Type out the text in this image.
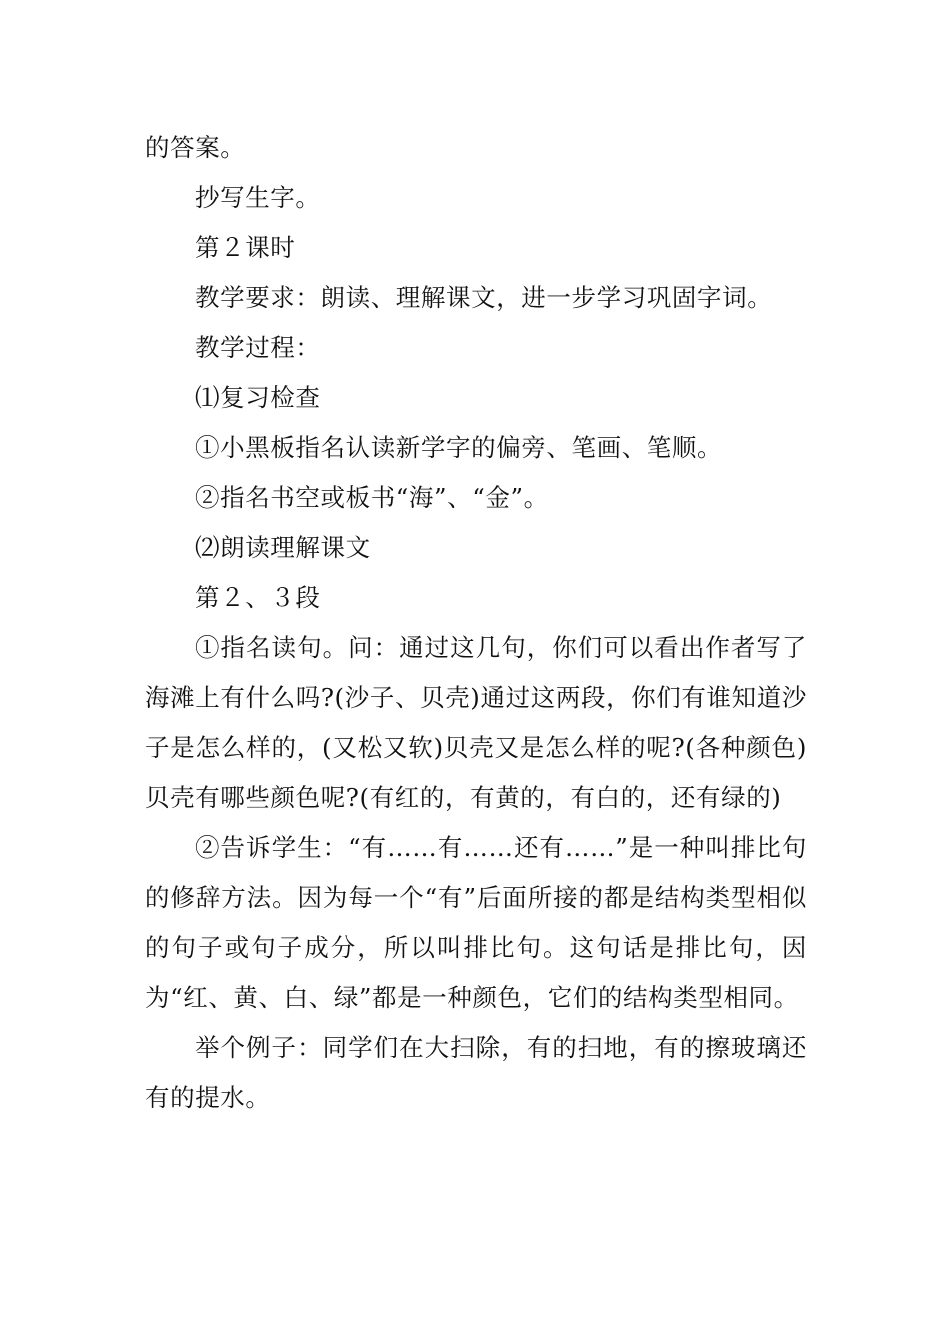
的答案。

抄写生字。

第２课时

教学要求：朗读、理解课文，进一步学习巩固字词。

教学过程：

⑴复习检查

①小黑板指名认读新学字的偏旁、笔画、笔顺。

②指名书空或板书“海”、“金”。

⑵朗读理解课文

第２、３段

①指名读句。问：通过这几句，你们可以看出作者写了海滩上有什么吗?(沙子、贝壳)通过这两段，你们有谁知道沙子是怎么样的，(又松又软)贝壳又是怎么样的呢?(各种颜色)贝壳有哪些颜色呢?(有红的，有黄的，有白的，还有绿的)

②告诉学生：“有……有……还有……”是一种叫排比句的修辞方法。因为每一个“有”后面所接的都是结构类型相似的句子或句子成分，所以叫排比句。这句话是排比句，因为“红、黄、白、绿”都是一种颜色，它们的结构类型相同。

举个例子：同学们在大扫除，有的扫地，有的擦玻璃还有的提水。
